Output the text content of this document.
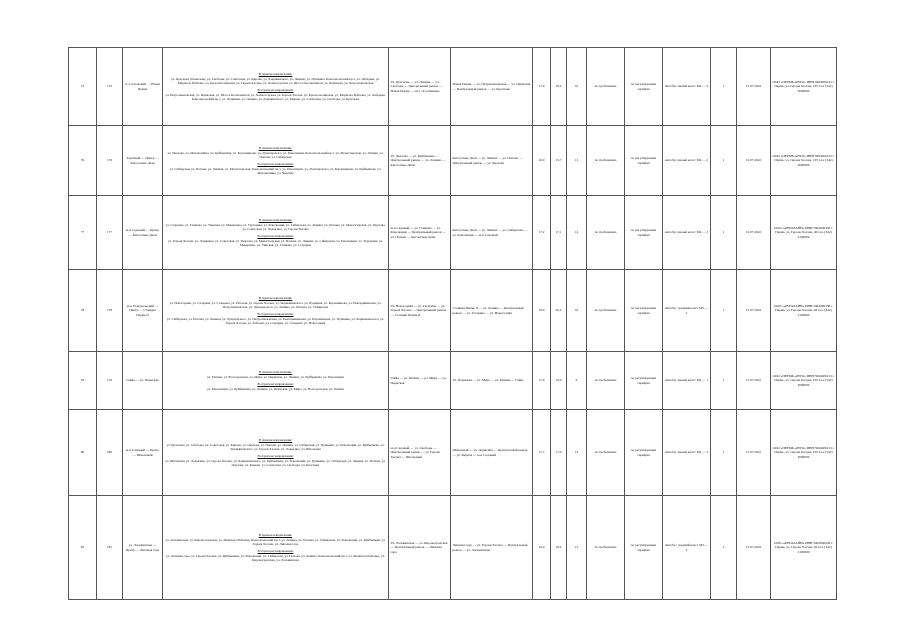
75	175	п. Сосновский — Новая Пермь	В прямом направлении:
ул. Краснова (Оханская), ул. Свободы, ул. Советская, ул. Кирова, ул. Дзержинского, ул. Ленина, ул. Пушкина, Комсомольский пр-т, ул. Лебедева, ул. Маршала Рыбалко, ул. Краснополянская, ул. Героев Хасана, ул. Холмогорская, ул. Шоссе Космонавтов, ул. Пермская, ул. Петропавловская
В обратном направлении:
ул. Петропавловская, ул. Пермская, ул. Шоссе Космонавтов, ул. Холмогорская, ул. Героев Хасана, ул. Краснополянская, ул. Маршала Рыбалко, ул. Лебедева, Комсомольский пр-т, ул. Пушкина, ул. Ленина, ул. Дзержинского, ул. Кирова, ул. Советская, ул. Свободы, ул. Краснова	Ул. Краснова — ул. Ленина — ул. Свободы — Центральный рынок — Новая Пермь — Ост. «Гостиница»	Новая Пермь — ул. Петропавловская — ул. Пермская — Центральный рынок — ул. Краснова	17,9	18,2	10	по требованию	по регулируемым тарифам	Автобус малый класс М2 — 2	1	15.07.2022	ООО «ПЕРМЬ-АВТО» ИНН 5904000123 г. Пермь, ул. Героев Хасана, 105 тел. (342) 2000000
76	176	Заречный — Центр — Кислотные Дачи	В прямом направлении:
ул. Чкалова, ул. Механошина, ул. Куйбышева, ул. Борчанинова, ул. Луначарского, ул. Революции, Комсомольский пр-т, ул. Монастырская, ул. Ленина, ул. Попова, ул. Сибирская
В обратном направлении:
ул. Сибирская, ул. Попова, ул. Ленина, ул. Монастырская, Комсомольский пр-т, ул. Революции, ул. Луначарского, ул. Борчанинова, ул. Куйбышева, ул. Механошина, ул. Чкалова	Ул. Чкалова — ул. Куйбышева — Центральный рынок — ул. Ленина — Кислотные Дачи	Кислотные Дачи — ул. Ленина — ул. Попова — Центральный рынок — ул. Чкалова	16,0	15,7	12	по требованию	по регулируемым тарифам	Автобус малый класс М2 — 2	1	15.07.2022	ООО «ПЕРМЬ-АВТО» ИНН 5904000123 г. Пермь, ул. Героев Хасана, 105 тел. (342) 2000000
77	177	м-н Садовый — Центр — Кислотные Дачи	В прямом направлении:
ул. Старцева, ул. Гашкова, ул. Уинская, ул. Макаренко, ул. Тургенева, ул. Революции, ул. Сибирская, ул. Ленина, ул. Попова, ул. Монастырская, ул. Окулова, ул. Советская, ул. Лодыгина, ул. Героев Хасана
В обратном направлении:
ул. Героев Хасана, ул. Лодыгина, ул. Советская, ул. Окулова, ул. Монастырская, ул. Попова, ул. Ленина, ул. Сибирская, ул. Революции, ул. Тургенева, ул. Макаренко, ул. Уинская, ул. Гашкова, ул. Старцева	м-н Садовый — ул. Гашкова — ул. Революции — Центральный рынок — ул. Попова — Кислотные Дачи	Кислотные Дачи — ул. Ленина — ул. Сибирская — ул. Революции — м-н Садовый	17,2	17,1	14	по требованию	по регулируемым тарифам	Автобус малый класс М2 — 3	1	15.07.2022	ООО «АВТОЛАЙН» ИНН 5902000456 г. Пермь, ул. Героев Хасана, 46 тел. (342) 2100000
78	178	м-н Углеуральский — Центр — Станция Пермь II	В прямом направлении:
ул. Новогодняя, ул. Гагарина, ул. Старцева, ул. Рабочая, ул. Героев Хасана, ул. Чернышевского, ул. Пушкина, ул. Борчанинова, ул. Екатерининская, ул. Петропавловская, ул. Луначарского, ул. Ленина, ул. Попова, ул. Сибирская
В обратном направлении:
ул. Сибирская, ул. Попова, ул. Ленина, ул. Луначарского, ул. Петропавловская, ул. Екатерининская, ул. Борчанинова, ул. Пушкина, ул. Чернышевского, ул. Героев Хасана, ул. Рабочая, ул. Старцева, ул. Гагарина, ул. Новогодняя	Ул. Новогодняя — ул. Гагарина — ул. Героев Хасана — Центральный рынок — Станция Пермь II	Станция Пермь II — ул. Ленина — Центральный рынок — ул. Гагарина — ул. Новогодняя	19,6	20,2	16	по требованию	по регулируемым тарифам	Автобус средний класс М3 — 2	1	15.07.2022	ООО «АВТОЛАЙН» ИНН 5902000456 г. Пермь, ул. Героев Хасана, 46 тел. (342) 2100000
79	179	Гайва — ул. Пермская	В прямом направлении:
ул. Репина, ул. Волгодонская, ул. Мира, ул. Пермская, ул. Ленина, ул. Куйбышева, ул. Революции
В обратном направлении:
ул. Революции, ул. Куйбышева, ул. Ленина, ул. Пермская, ул. Мира, ул. Волгодонская, ул. Репина	Гайва — ул. Репина — ул. Мира — ул. Пермская	Ул. Пермская — ул. Мира — ул. Репина — Гайва	17,0	16,0	9	по требованию	по регулируемым тарифам	Автобус малый класс М2 — 1	1	15.07.2022	ООО «ПЕРМЬ-АВТО» ИНН 5904000123 г. Пермь, ул. Героев Хасана, 105 тел. (342) 2000000
80	180	м-н Садовый — Центр — Шпальный	В прямом направлении:
ул. Краснова, ул. Свободы, ул. Советская, ул. Кирова, ул. Окулова, ул. Попова, ул. Ленина, ул. Сибирская, ул. Пушкина, ул. Революции, ул. Куйбышева, ул. Чернышевского, ул. Героев Хасана, ул. Лодыгина, ул. Шпальная
В обратном направлении:
ул. Шпальная, ул. Лодыгина, ул. Героев Хасана, ул. Чернышевского, ул. Куйбышева, ул. Революции, ул. Пушкина, ул. Сибирская, ул. Ленина, ул. Попова, ул. Окулова, ул. Кирова, ул. Советская, ул. Свободы, ул. Краснова	м-н Садовый — ул. Свободы — Центральный рынок — ул. Героев Хасана — Шпальный	Шпальный — ул. Лодыгина — Центральный рынок — ул. Кирова — м-н Садовый	17,7	17,9	13	по требованию	по регулируемым тарифам	Автобус малый класс М2 — 2	1	15.07.2022	ООО «ПЕРМЬ-АВТО» ИНН 5904000123 г. Пермь, ул. Героев Хасана, 105 тел. (342) 2000000
81	181	ул. Ласьвинская — Центр — Липовая гора	В прямом направлении:
ул. Ласьвинская, ул. Кировоградская, ул. Маршала Рыбалко, Комсомольский пр-т, ул. Ленина, ул. Попова, ул. Сибирская, ул. Революции, ул. Куйбышева, ул. Героев Хасана, ул. Липовая гора
В обратном направлении:
ул. Липовая гора, ул. Героев Хасана, ул. Куйбышева, ул. Революции, ул. Сибирская, ул. Попова, ул. Ленина, Комсомольский пр-т, ул. Маршала Рыбалко, ул. Кировоградская, ул. Ласьвинская	Ул. Ласьвинская — ул. Кировоградская — Центральный рынок — Липовая гора	Липовая гора — ул. Героев Хасана — Центральный рынок — ул. Ласьвинская	19,0	18,4	15	по требованию	по регулируемым тарифам	Автобус средний класс М3 — 3	1	15.07.2022	ООО «АВТОЛАЙН» ИНН 5902000456 г. Пермь, ул. Героев Хасана, 46 тел. (342) 2100000
